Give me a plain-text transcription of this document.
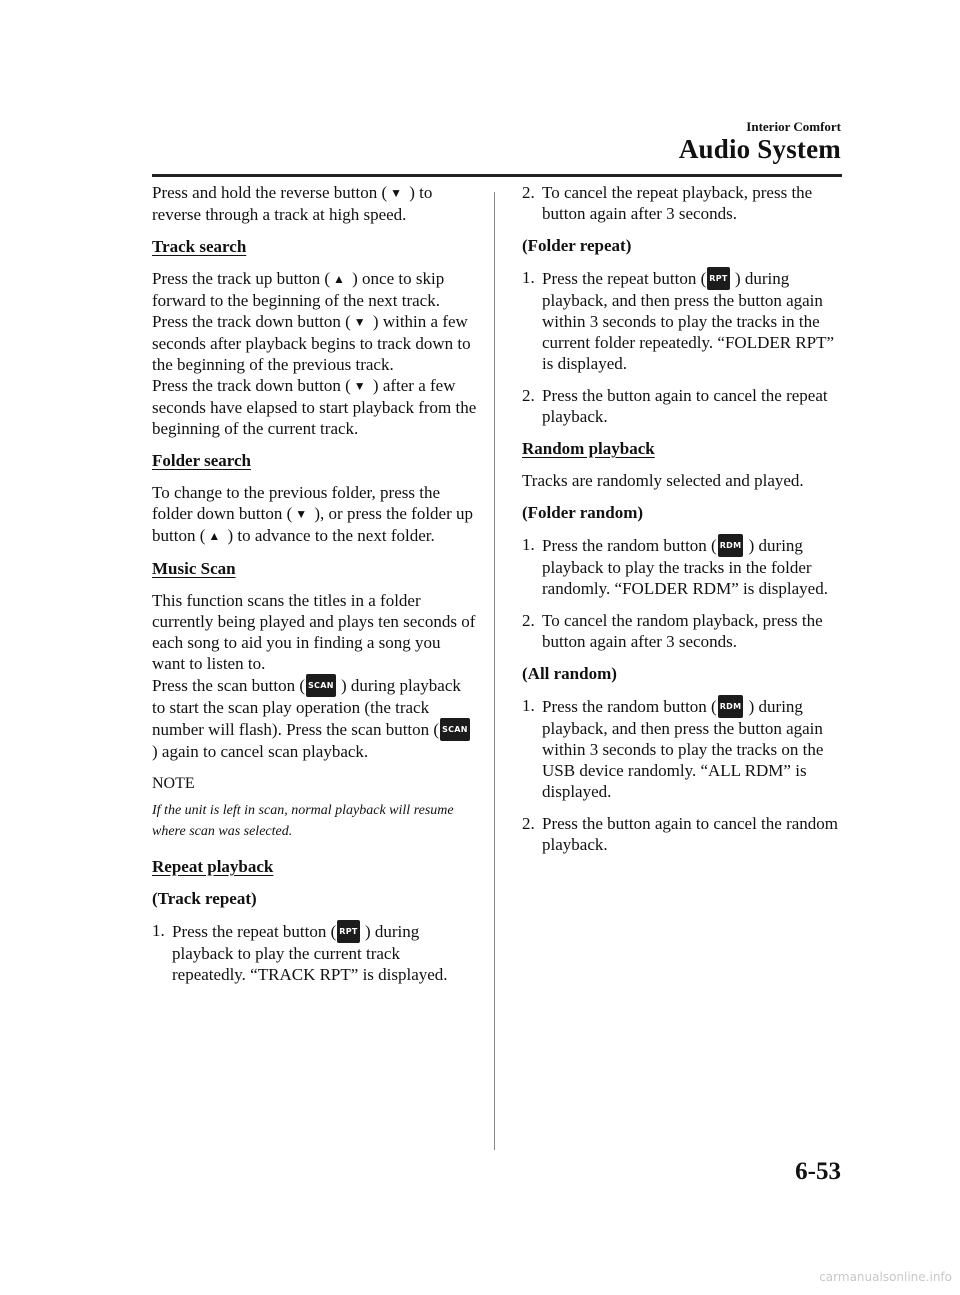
Interior Comfort
Audio System

Press and hold the reverse button ( ▼ ) to reverse through a track at high speed.

Track search

Press the track up button ( ▲ ) once to skip forward to the beginning of the next track.

Press the track down button ( ▼ ) within a few seconds after playback begins to track down to the beginning of the previous track.

Press the track down button ( ▼ ) after a few seconds have elapsed to start playback from the beginning of the current track.

Folder search

To change to the previous folder, press the folder down button ( ▼ ), or press the folder up button ( ▲ ) to advance to the next folder.

Music Scan

This function scans the titles in a folder currently being played and plays ten seconds of each song to aid you in finding a song you want to listen to.

Press the scan button ( SCAN ) during playback to start the scan play operation (the track number will flash). Press the scan button ( SCAN ) again to cancel scan playback.

NOTE
If the unit is left in scan, normal playback will resume where scan was selected.
Repeat playback
(Track repeat)
1. Press the repeat button ( RPT ) during playback to play the current track repeatedly. “TRACK RPT” is displayed.
2. To cancel the repeat playback, press the button again after 3 seconds.
(Folder repeat)
1. Press the repeat button ( RPT ) during playback, and then press the button again within 3 seconds to play the tracks in the current folder repeatedly. “FOLDER RPT” is displayed.
2. Press the button again to cancel the repeat playback.
Random playback

Tracks are randomly selected and played.

(Folder random)
1. Press the random button ( RDM ) during playback to play the tracks in the folder randomly. “FOLDER RDM” is displayed.
2. To cancel the random playback, press the button again after 3 seconds.
(All random)
1. Press the random button ( RDM ) during playback, and then press the button again within 3 seconds to play the tracks on the USB device randomly. “ALL RDM” is displayed.
2. Press the button again to cancel the random playback.
6-53
carmanualsonline.info
